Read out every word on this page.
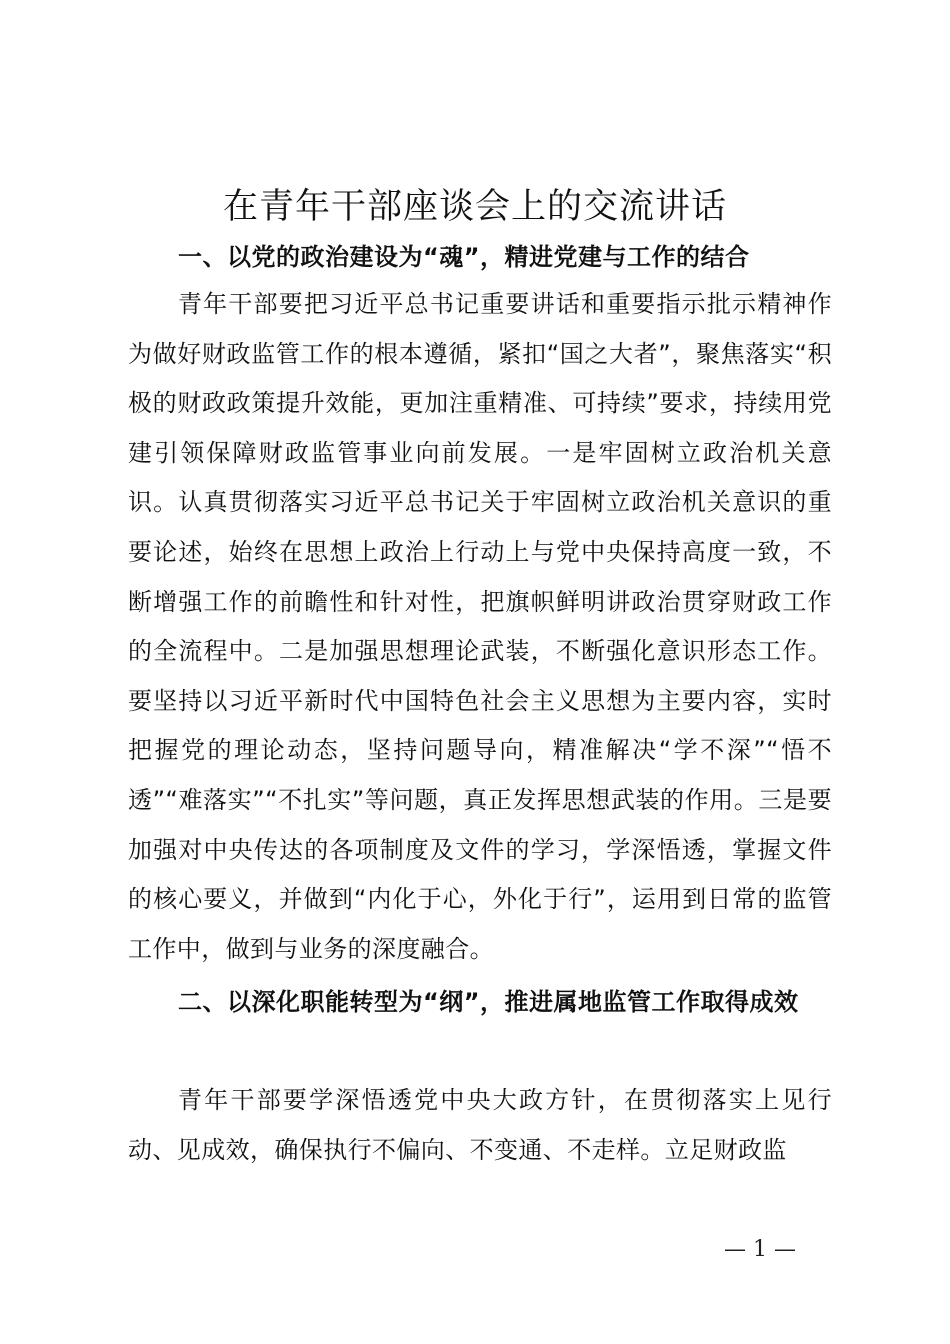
在青年干部座谈会上的交流讲话
一、以党的政治建设为“魂”，精进党建与工作的结合

青年干部要把习近平总书记重要讲话和重要指示批示精神作为做好财政监管工作的根本遵循，紧扣“国之大者”，聚焦落实“积极的财政政策提升效能，更加注重精准、可持续”要求，持续用党建引领保障财政监管事业向前发展。一是牢固树立政治机关意识。认真贯彻落实习近平总书记关于牢固树立政治机关意识的重要论述，始终在思想上政治上行动上与党中央保持高度一致，不断增强工作的前瞻性和针对性，把旗帜鲜明讲政治贯穿财政工作的全流程中。二是加强思想理论武装，不断强化意识形态工作。要坚持以习近平新时代中国特色社会主义思想为主要内容，实时把握党的理论动态，坚持问题导向，精准解决“学不深”“悟不透”“难落实”“不扎实”等问题，真正发挥思想武装的作用。三是要加强对中央传达的各项制度及文件的学习，学深悟透，掌握文件的核心要义，并做到“内化于心，外化于行”，运用到日常的监管工作中，做到与业务的深度融合。

二、以深化职能转型为“纲”，推进属地监管工作取得成效

青年干部要学深悟透党中央大政方针，在贯彻落实上见行动、见成效，确保执行不偏向、不变通、不走样。立足财政监

— 1 —
